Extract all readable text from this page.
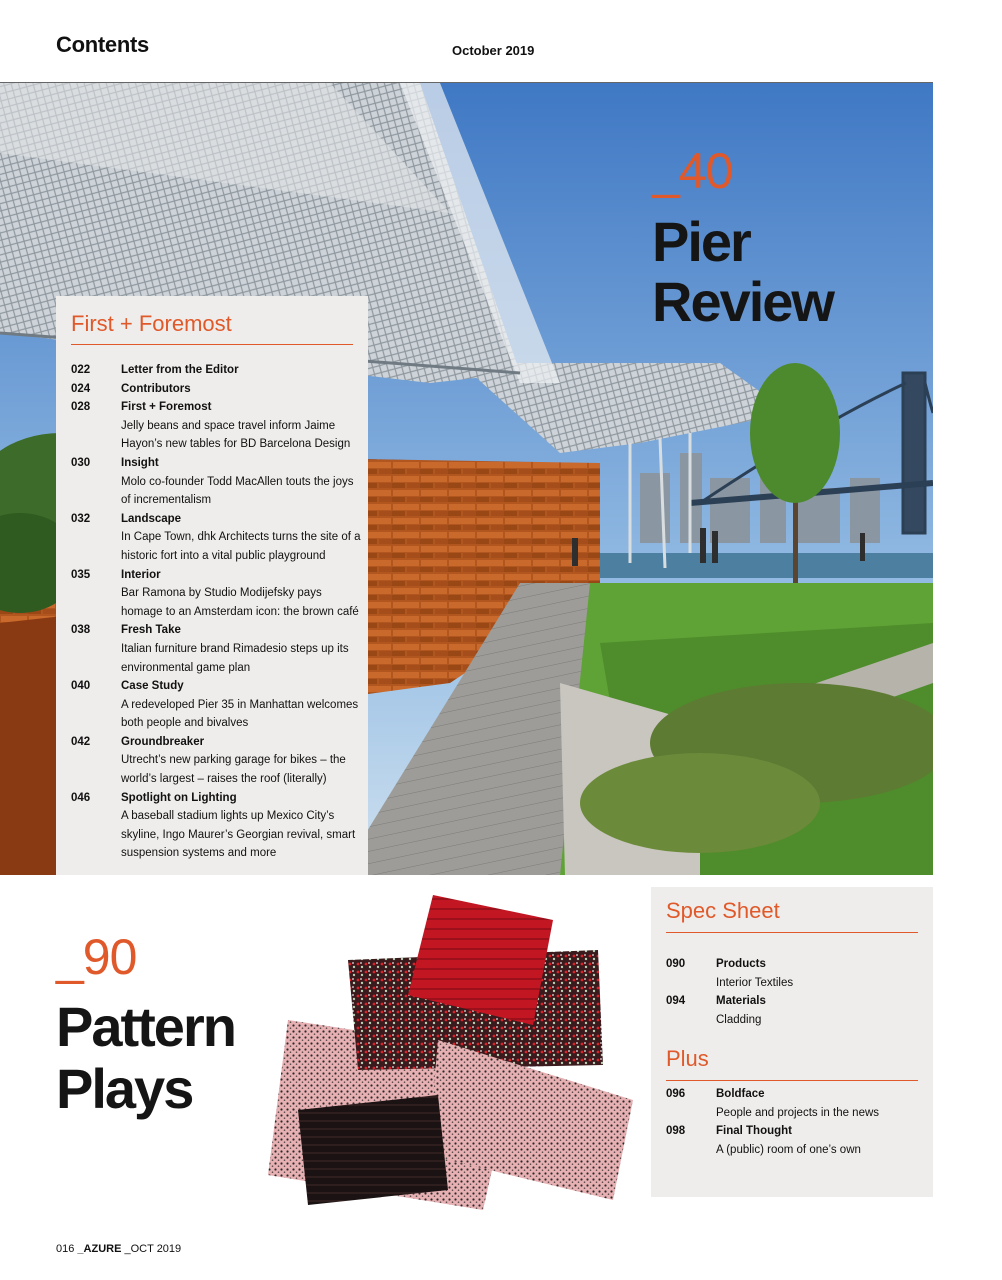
Contents	October 2019
_40
Pier
Review
First + Foremost
022	Letter from the Editor
024	Contributors
028	First + Foremost
Jelly beans and space travel inform Jaime Hayon’s new tables for BD Barcelona Design
030	Insight
Molo co-founder Todd MacAllen touts the joys of incrementalism
032	Landscape
In Cape Town, dhk Architects turns the site of a historic fort into a vital public playground
035	Interior
Bar Ramona by Studio Modijefsky pays homage to an Amsterdam icon: the brown café
038	Fresh Take
Italian furniture brand Rimadesio steps up its environmental game plan
040	Case Study
A redeveloped Pier 35 in Manhattan welcomes both people and bivalves
042	Groundbreaker
Utrecht’s new parking garage for bikes – the world’s largest – raises the roof (literally)
046	Spotlight on Lighting
A baseball stadium lights up Mexico City’s skyline, Ingo Maurer’s Georgian revival, smart suspension systems and more
_90
Pattern
Plays
Spec Sheet
090	Products
Interior Textiles
094	Materials
Cladding
Plus
096	Boldface
People and projects in the news
098	Final Thought
A (public) room of one’s own
016 _AZURE _OCT 2019
